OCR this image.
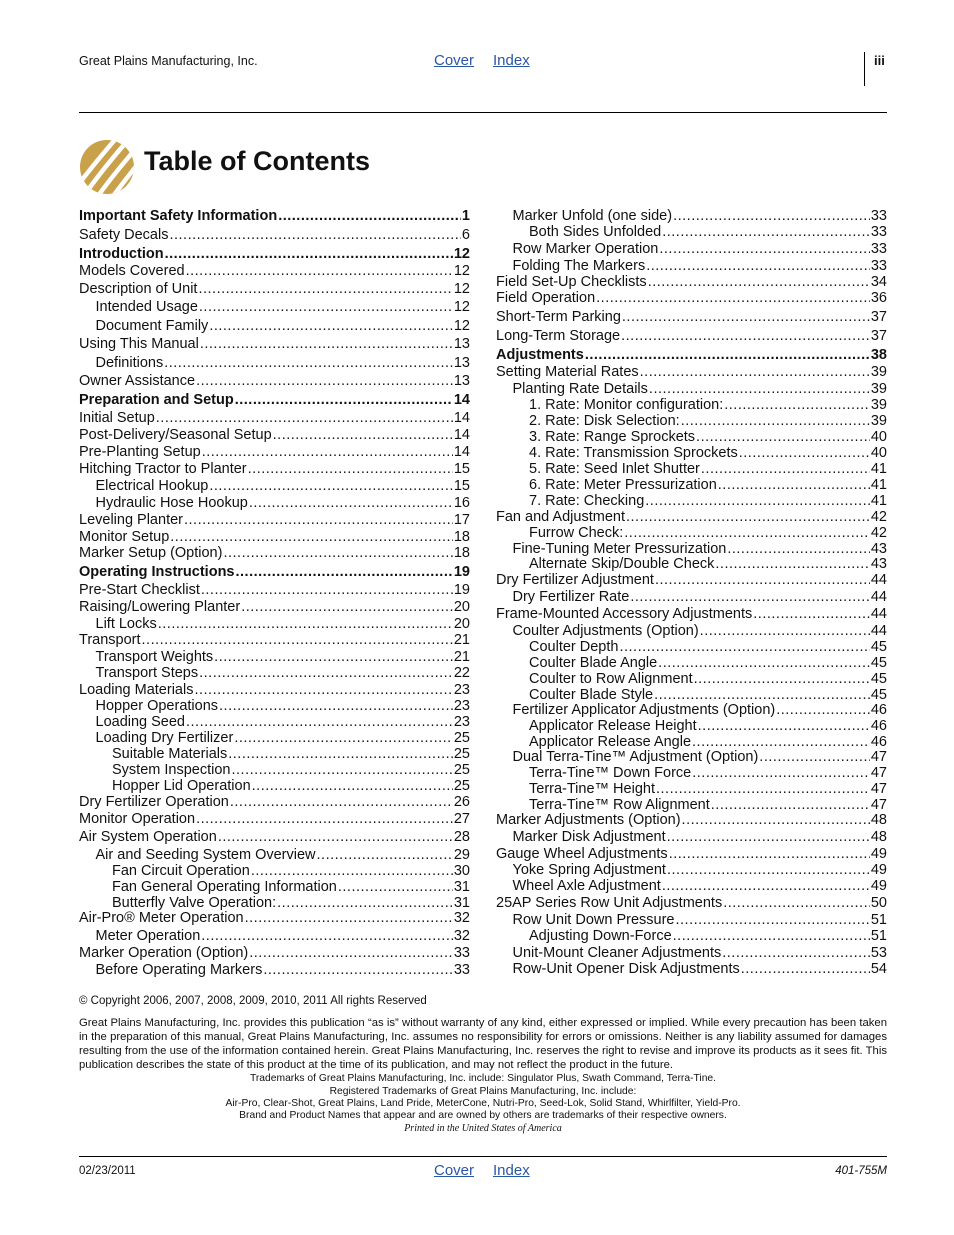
Great Plains Manufacturing, Inc.	Cover Index	iii
Table of Contents
Important Safety Information .....	1
Safety Decals .....	6
Introduction .....	12
Models Covered .....	12
Description of Unit .....	12
Intended Usage .....	12
Document Family .....	12
Using This Manual .....	13
Definitions .....	13
Owner Assistance .....	13
Preparation and Setup .....	14
Initial Setup .....	14
Post-Delivery/Seasonal Setup .....	14
Pre-Planting Setup .....	14
Hitching Tractor to Planter .....	15
Electrical Hookup .....	15
Hydraulic Hose Hookup .....	16
Leveling Planter .....	17
Monitor Setup .....	18
Marker Setup (Option) .....	18
Operating Instructions .....	19
Pre-Start Checklist .....	19
Raising/Lowering Planter .....	20
Lift Locks .....	20
Transport .....	21
Transport Weights .....	21
Transport Steps .....	22
Loading Materials .....	23
Hopper Operations .....	23
Loading Seed .....	23
Loading Dry Fertilizer .....	25
Suitable Materials .....	25
System Inspection .....	25
Hopper Lid Operation .....	25
Dry Fertilizer Operation .....	26
Monitor Operation .....	27
Air System Operation .....	28
Air and Seeding System Overview .....	29
Fan Circuit Operation .....	30
Fan General Operating Information .....	31
Butterfly Valve Operation: .....	31
Air-Pro® Meter Operation .....	32
Meter Operation .....	32
Marker Operation (Option) .....	33
Before Operating Markers .....	33
Marker Unfold (one side) .....	33
Both Sides Unfolded .....	33
Row Marker Operation .....	33
Folding The Markers .....	33
Field Set-Up Checklists .....	34
Field Operation .....	36
Short-Term Parking .....	37
Long-Term Storage .....	37
Adjustments .....	38
Setting Material Rates .....	39
Planting Rate Details .....	39
1. Rate: Monitor configuration: .....	39
2. Rate: Disk Selection: .....	39
3. Rate: Range Sprockets .....	40
4. Rate: Transmission Sprockets .....	40
5. Rate: Seed Inlet Shutter .....	41
6. Rate: Meter Pressurization .....	41
7. Rate: Checking .....	41
Fan and Adjustment .....	42
Furrow Check: .....	42
Fine-Tuning Meter Pressurization .....	43
Alternate Skip/Double Check .....	43
Dry Fertilizer Adjustment .....	44
Dry Fertilizer Rate .....	44
Frame-Mounted Accessory Adjustments .....	44
Coulter Adjustments (Option) .....	44
Coulter Depth .....	45
Coulter Blade Angle .....	45
Coulter to Row Alignment .....	45
Coulter Blade Style .....	45
Fertilizer Applicator Adjustments (Option) .....	46
Applicator Release Height .....	46
Applicator Release Angle .....	46
Dual Terra-Tine™ Adjustment (Option) .....	47
Terra-Tine™ Down Force .....	47
Terra-Tine™ Height .....	47
Terra-Tine™ Row Alignment .....	47
Marker Adjustments (Option) .....	48
Marker Disk Adjustment .....	48
Gauge Wheel Adjustments .....	49
Yoke Spring Adjustment .....	49
Wheel Axle Adjustment .....	49
25AP Series Row Unit Adjustments .....	50
Row Unit Down Pressure .....	51
Adjusting Down-Force .....	51
Unit-Mount Cleaner Adjustments .....	53
Row-Unit Opener Disk Adjustments .....	54
© Copyright 2006, 2007, 2008, 2009, 2010, 2011 All rights Reserved
Great Plains Manufacturing, Inc. provides this publication “as is” without warranty of any kind, either expressed or implied. While every precaution has been taken in the preparation of this manual, Great Plains Manufacturing, Inc. assumes no responsibility for errors or omissions. Neither is any liability assumed for damages resulting from the use of the information contained herein. Great Plains Manufacturing, Inc. reserves the right to revise and improve its products as it sees fit. This publication describes the state of this product at the time of its publication, and may not reflect the product in the future.
Trademarks of Great Plains Manufacturing, Inc. include: Singulator Plus, Swath Command, Terra-Tine.
Registered Trademarks of Great Plains Manufacturing, Inc. include:
Air-Pro, Clear-Shot, Great Plains, Land Pride, MeterCone, Nutri-Pro, Seed-Lok, Solid Stand, Whirlfilter, Yield-Pro.
Brand and Product Names that appear and are owned by others are trademarks of their respective owners.
Printed in the United States of America
02/23/2011	Cover Index	401-755M
